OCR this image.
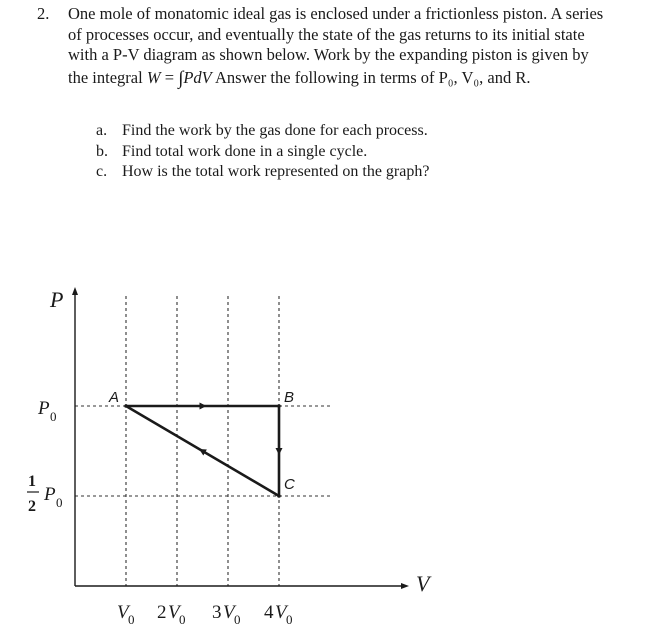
2. One mole of monatomic ideal gas is enclosed under a frictionless piston. A series
of processes occur, and eventually the state of the gas returns to its initial state
with a P-V diagram as shown below. Work by the expanding piston is given by
the integral W = ∫PdV Answer the following in terms of P₀, V₀, and R.
a. Find the work by the gas done for each process.
b. Find total work done in a single cycle.
c. How is the total work represented on the graph?
P
V
P 0
1
2
P 0
V 0 2 V 0 3 V 0 4 V 0
A	B
C
